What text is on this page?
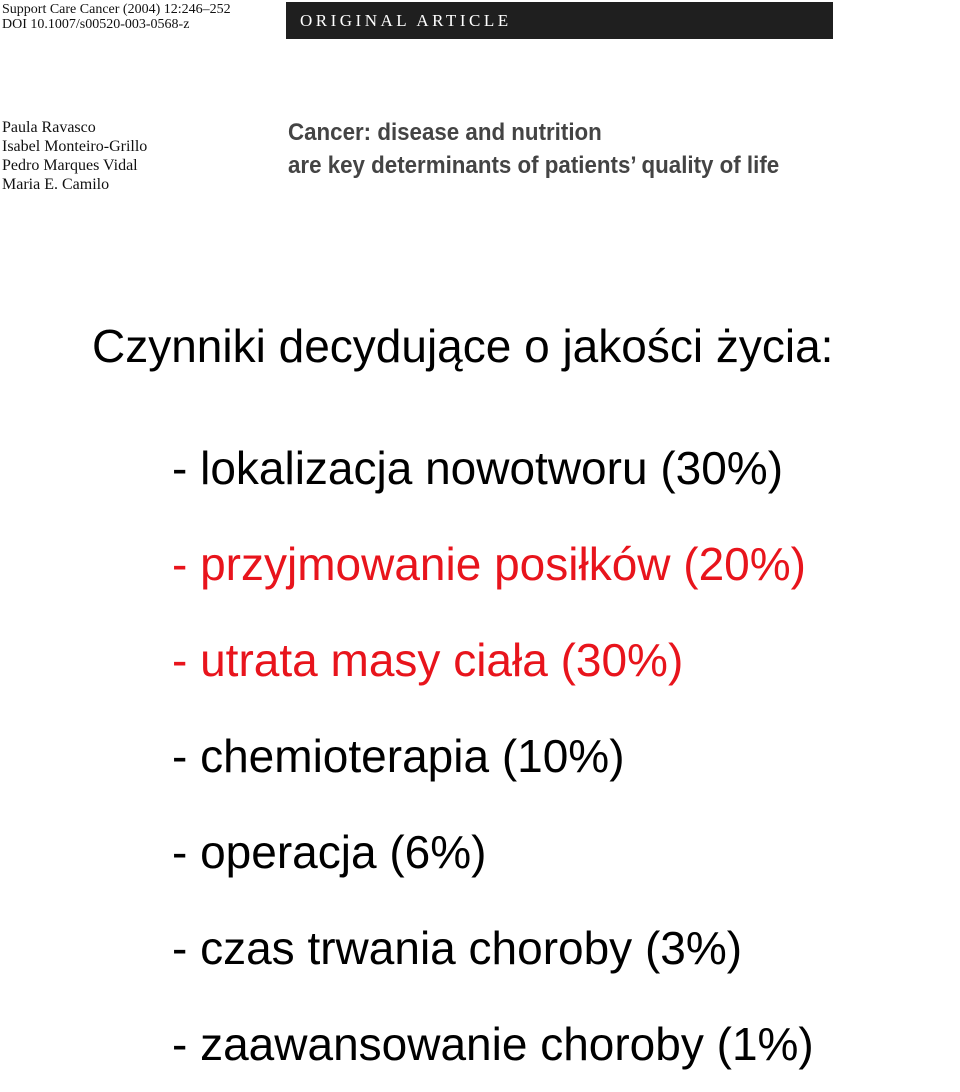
Support Care Cancer (2004) 12:246–252
DOI 10.1007/s00520-003-0568-z	ORIGINAL ARTICLE
Paula Ravasco
Isabel Monteiro-Grillo
Pedro Marques Vidal
Maria E. Camilo
Cancer: disease and nutrition
are key determinants of patients’ quality of life
Czynniki decydujące o jakości życia:
- lokalizacja nowotworu (30%)
- przyjmowanie posiłków (20%)
- utrata masy ciała (30%)
- chemioterapia (10%)
- operacja (6%)
- czas trwania choroby (3%)
- zaawansowanie choroby (1%)
